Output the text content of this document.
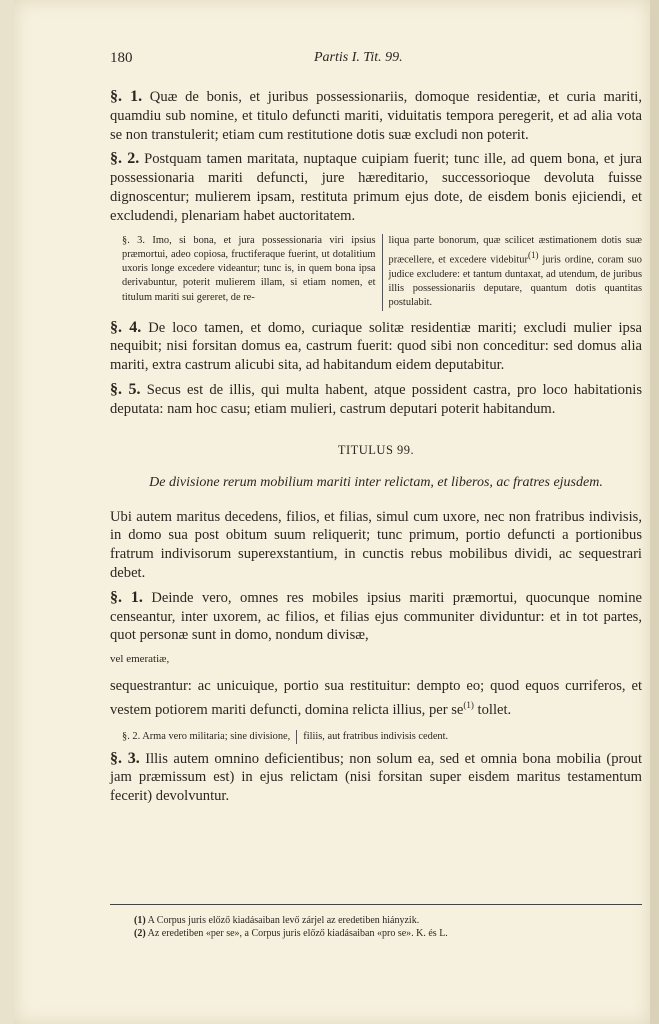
180	Partis I. Tit. 99.

§. 1. Quæ de bonis, et juribus possessionariis, domoque residentiæ, et curia mariti, quamdiu sub nomine, et titulo defuncti mariti, viduitatis tempora peregerit, et ad alia vota se non transtulerit; etiam cum restitutione dotis suæ excludi non poterit.

§. 2. Postquam tamen maritata, nuptaque cuipiam fuerit; tunc ille, ad quem bona, et jura possessionaria mariti defuncti, jure hæreditario, successorioque devoluta fuisse dignoscentur; mulierem ipsam, restituta primum ejus dote, de eisdem bonis ejiciendi, et excludendi, plenariam habet auctoritatem.

§. 3. Imo, si bona, et jura possessionaria viri ipsius præmortui, adeo copiosa, fructiferaque fuerint, ut dotalitium uxoris longe excedere videantur; tunc is, in quem bona ipsa derivabuntur, poterit mulierem illam, si etiam nomen, et titulum mariti sui gereret, de re-
liqua parte bonorum, quæ scilicet æstimationem dotis suæ præcellere, et excedere videbitur$^{(1)}$ juris ordine, coram suo judice excludere: et tantum duntaxat, ad utendum, de juribus illis possessionariis deputare, quantum dotis quantitas postulabit.

§. 4. De loco tamen, et domo, curiaque solitæ residentiæ mariti; excludi mulier ipsa nequibit; nisi forsitan domus ea, castrum fuerit: quod sibi non conceditur: sed domus alia mariti, extra castrum alicubi sita, ad habitandum eidem deputabitur.

§. 5. Secus est de illis, qui multa habent, atque possident castra, pro loco habitationis deputata: nam hoc casu; etiam mulieri, castrum deputari poterit habitandum.

TITULUS 99.
De divisione rerum mobilium mariti inter relictam, et liberos, ac fratres ejusdem.

Ubi autem maritus decedens, filios, et filias, simul cum uxore, nec non fratribus indivisis, in domo sua post obitum suum reliquerit; tunc primum, portio defuncti a portionibus fratrum indivisorum superexstantium, in cunctis rebus mobilibus dividi, ac sequestrari debet.

§. 1. Deinde vero, omnes res mobiles ipsius mariti præmortui, quocunque nomine censeantur, inter uxorem, ac filios, et filias ejus communiter dividuntur: et in tot partes, quot personæ sunt in domo, nondum divisæ,

vel emeratiæ,

sequestrantur: ac unicuique, portio sua restituitur: dempto eo; quod equos curriferos, et vestem potiorem mariti defuncti, domina relicta illius, per $se^{(1)}$ tollet.

§. 2. Arma vero militaria; sine divisione,	filiis, aut fratribus indivisis cedent.

§. 3. Illis autem omnino deficientibus; non solum ea, sed et omnia bona mobilia (prout jam præmissum est) in ejus relictam (nisi forsitan super eisdem maritus testamentum fecerit) devolvuntur.

(1) A Corpus juris előző kiadásaiban levő zárjel az eredetiben hiányzik.
(2) Az eredetiben «per se», a Corpus juris előző kiadásaiban «pro se». K. és L.
